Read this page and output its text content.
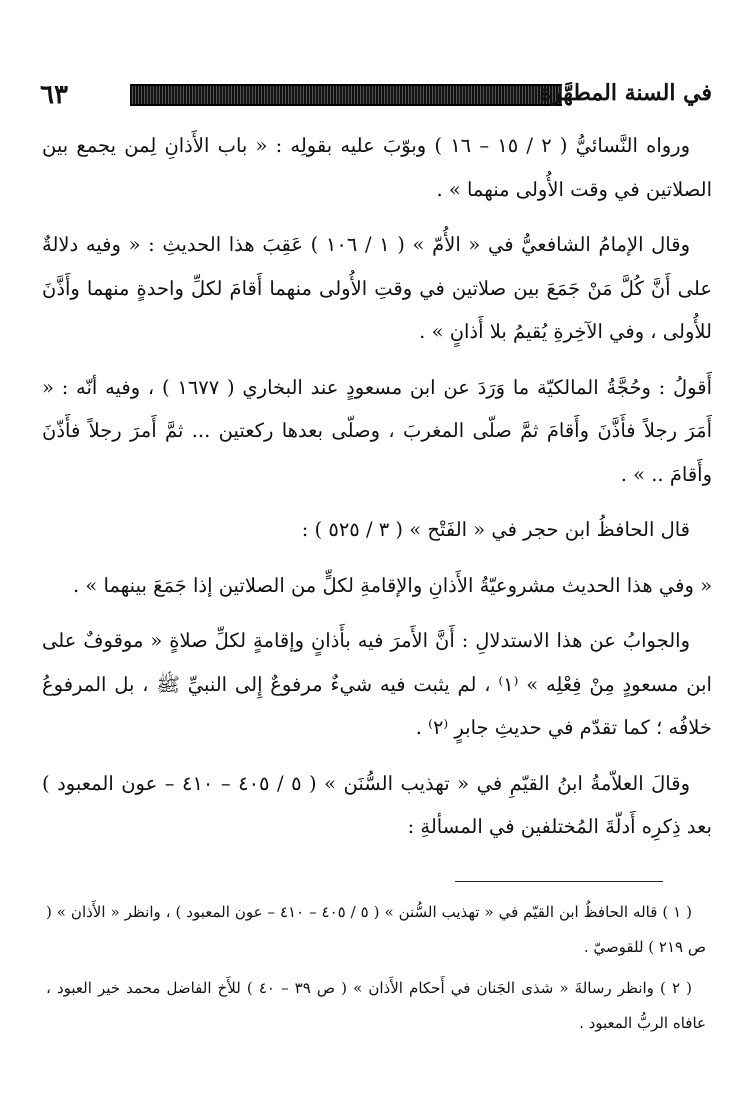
٦٣	في السنة المطهَّرة

ورواه النَّسائيُّ ( ٢ / ١٥ – ١٦ ) وبوّبَ عليه بقولِه : « باب الأَذانِ لِمن يجمع بين الصلاتين في وقت الأُولى منهما » .

وقال الإمامُ الشافعيُّ في « الأُمّ » ( ١ / ١٠٦ ) عَقِبَ هذا الحديثِ : « وفيه دلالةٌ على أَنَّ كُلَّ مَنْ جَمَعَ بين صلاتين في وقتِ الأُولى منهما أَقامَ لكلِّ واحدةٍ منهما وأَذَّنَ للأُولى ، وفي الآخِرةِ يُقيمُ بلا أَذانٍ » .

أَقولُ : وحُجَّةُ المالكيّة ما وَرَدَ عن ابن مسعودٍ عند البخاري ( ١٦٧٧ ) ، وفيه أنّه : « أَمَرَ رجلاً فأَذَّنَ وأَقامَ ثمَّ صلّى المغربَ ، وصلّى بعدها ركعتين ... ثمَّ أَمرَ رجلاً فأَذّنَ وأَقامَ .. » .

قال الحافظُ ابن حجر في « الفَتْح » ( ٣ / ٥٢٥ ) :

« وفي هذا الحديث مشروعيّةُ الأَذانِ والإقامةِ لكلٍّ من الصلاتين إذا جَمَعَ بينهما » .

والجوابُ عن هذا الاستدلالِ : أَنَّ الأَمرَ فيه بأَذانٍ وإقامةٍ لكلِّ صلاةٍ « موقوفٌ على ابن مسعودٍ مِنْ فِعْلِه » ⁽١⁾ ، لم يثبت فيه شيءٌ مرفوعٌ إِلى النبيِّ ﷺ ، بل المرفوعُ خلافُه ؛ كما تقدّم في حديثِ جابرٍ ⁽٢⁾ .

وقالَ العلاّمةُ ابنُ القيّمِ في « تهذيب السُّنَن » ( ٥ / ٤٠٥ – ٤١٠ – عون المعبود ) بعد ذِكرِه أَدلّةَ المُختلفين في المسألةِ :

( ١ ) قاله الحافظُ ابن القيّم في « تهذيب السُّنن » ( ٥ / ٤٠٥ – ٤١٠ – عون المعبود ) ، وانظر « الأَذان » ( ص ٢١٩ ) للقوصيّ .

( ٢ ) وانظر رسالةَ « شذى الجَنان في أَحكام الأَذان » ( ص ٣٩ – ٤٠ ) للأَخ الفاضل محمد خير العبود ، عافاه الربُّ المعبود .
